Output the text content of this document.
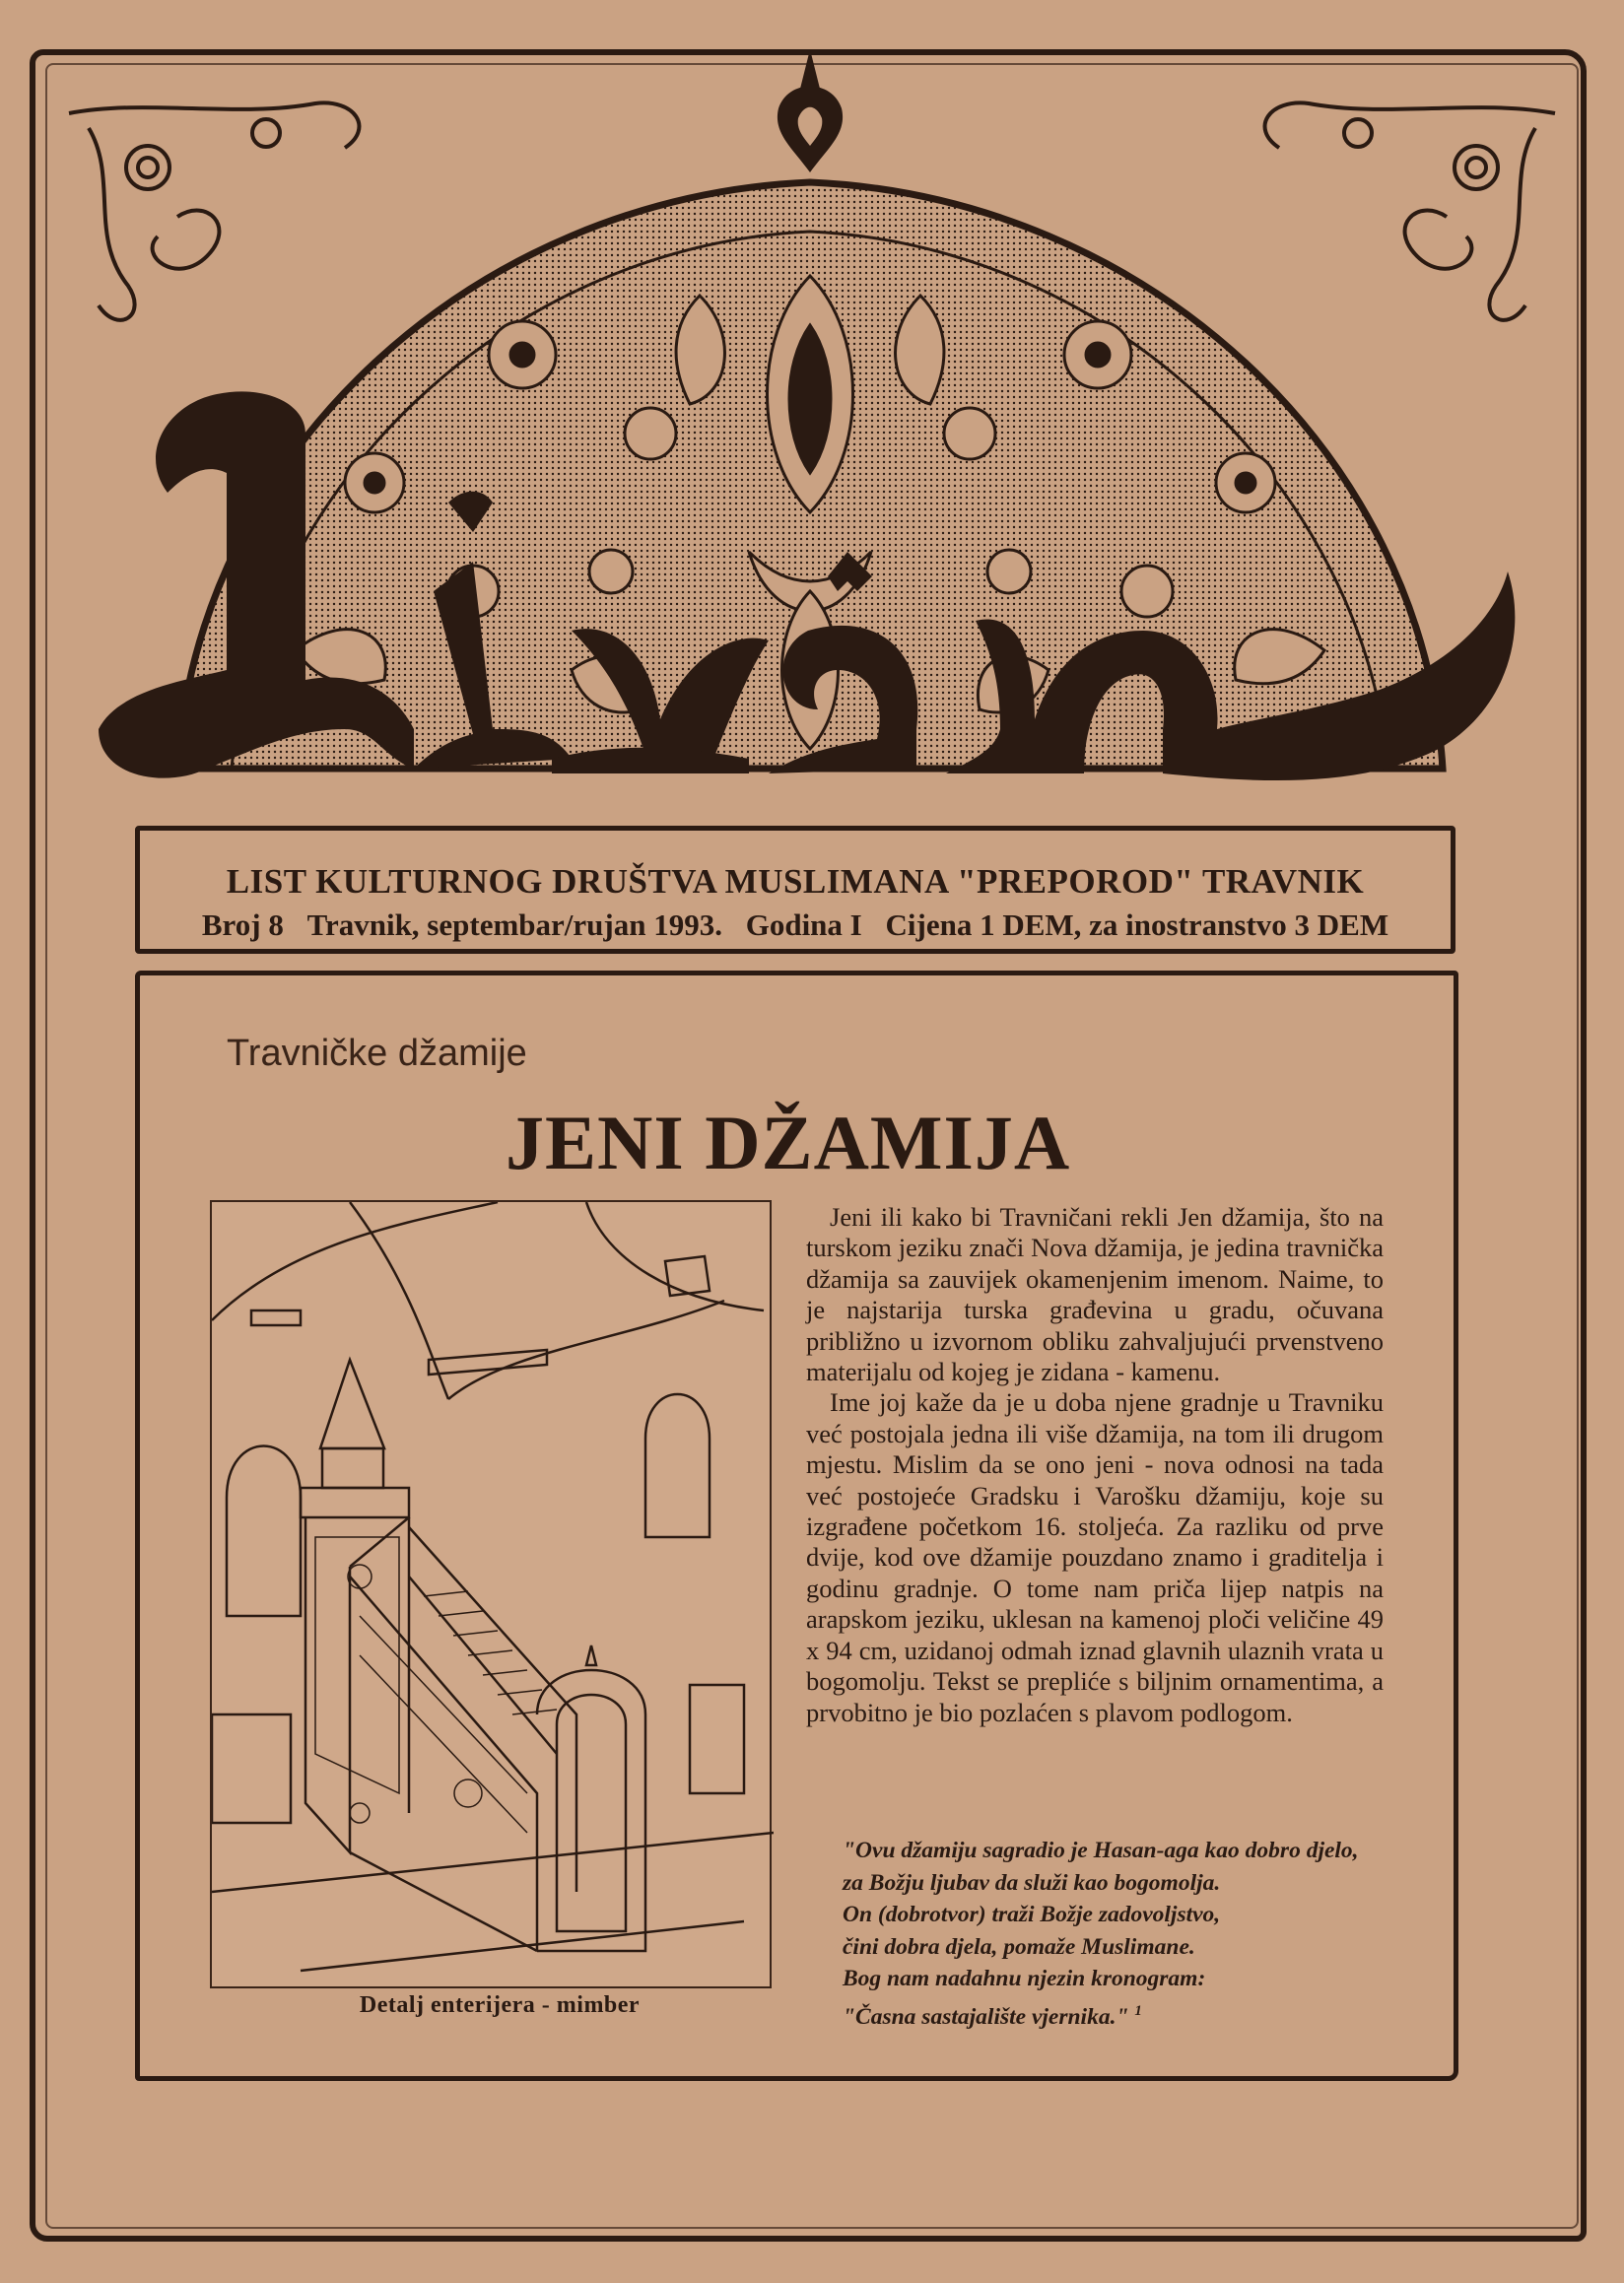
LIST KULTURNOG DRUŠTVA MUSLIMANA "PREPOROD" TRAVNIK
Broj 8 Travnik, septembar/rujan 1993. Godina I Cijena 1 DEM, za inostranstvo 3 DEM
Travničke džamije
JENI DŽAMIJA
Detalj enterijera - mimber

Jeni ili kako bi Travničani rekli Jen džamija, što na turskom jeziku znači Nova džamija, je jedina travnička džamija sa zauvijek okamenjenim imenom. Naime, to je najstarija turska građevina u gradu, očuvana približno u izvornom obliku zahvaljujući prvenstveno materijalu od kojeg je zidana - kamenu.

Ime joj kaže da je u doba njene gradnje u Travniku već postojala jedna ili više džamija, na tom ili drugom mjestu. Mislim da se ono jeni - nova odnosi na tada već postojeće Gradsku i Varošku džamiju, koje su izgrađene početkom 16. stoljeća. Za razliku od prve dvije, kod ove džamije pouzdano znamo i graditelja i godinu gradnje. O tome nam priča lijep natpis na arapskom jeziku, uklesan na kamenoj ploči veličine 49 x 94 cm, uzidanoj odmah iznad glavnih ulaznih vrata u bogomolju. Tekst se prepliće s biljnim ornamentima, a prvobitno je bio pozlaćen s plavom podlogom.

"Ovu džamiju sagradio je Hasan-aga kao dobro djelo,
za Božju ljubav da služi kao bogomolja.
On (dobrotvor) traži Božje zadovoljstvo,
čini dobra djela, pomaže Muslimane.
Bog nam nadahnu njezin kronogram:
"Časna sastajalište vjernika." $^1$
